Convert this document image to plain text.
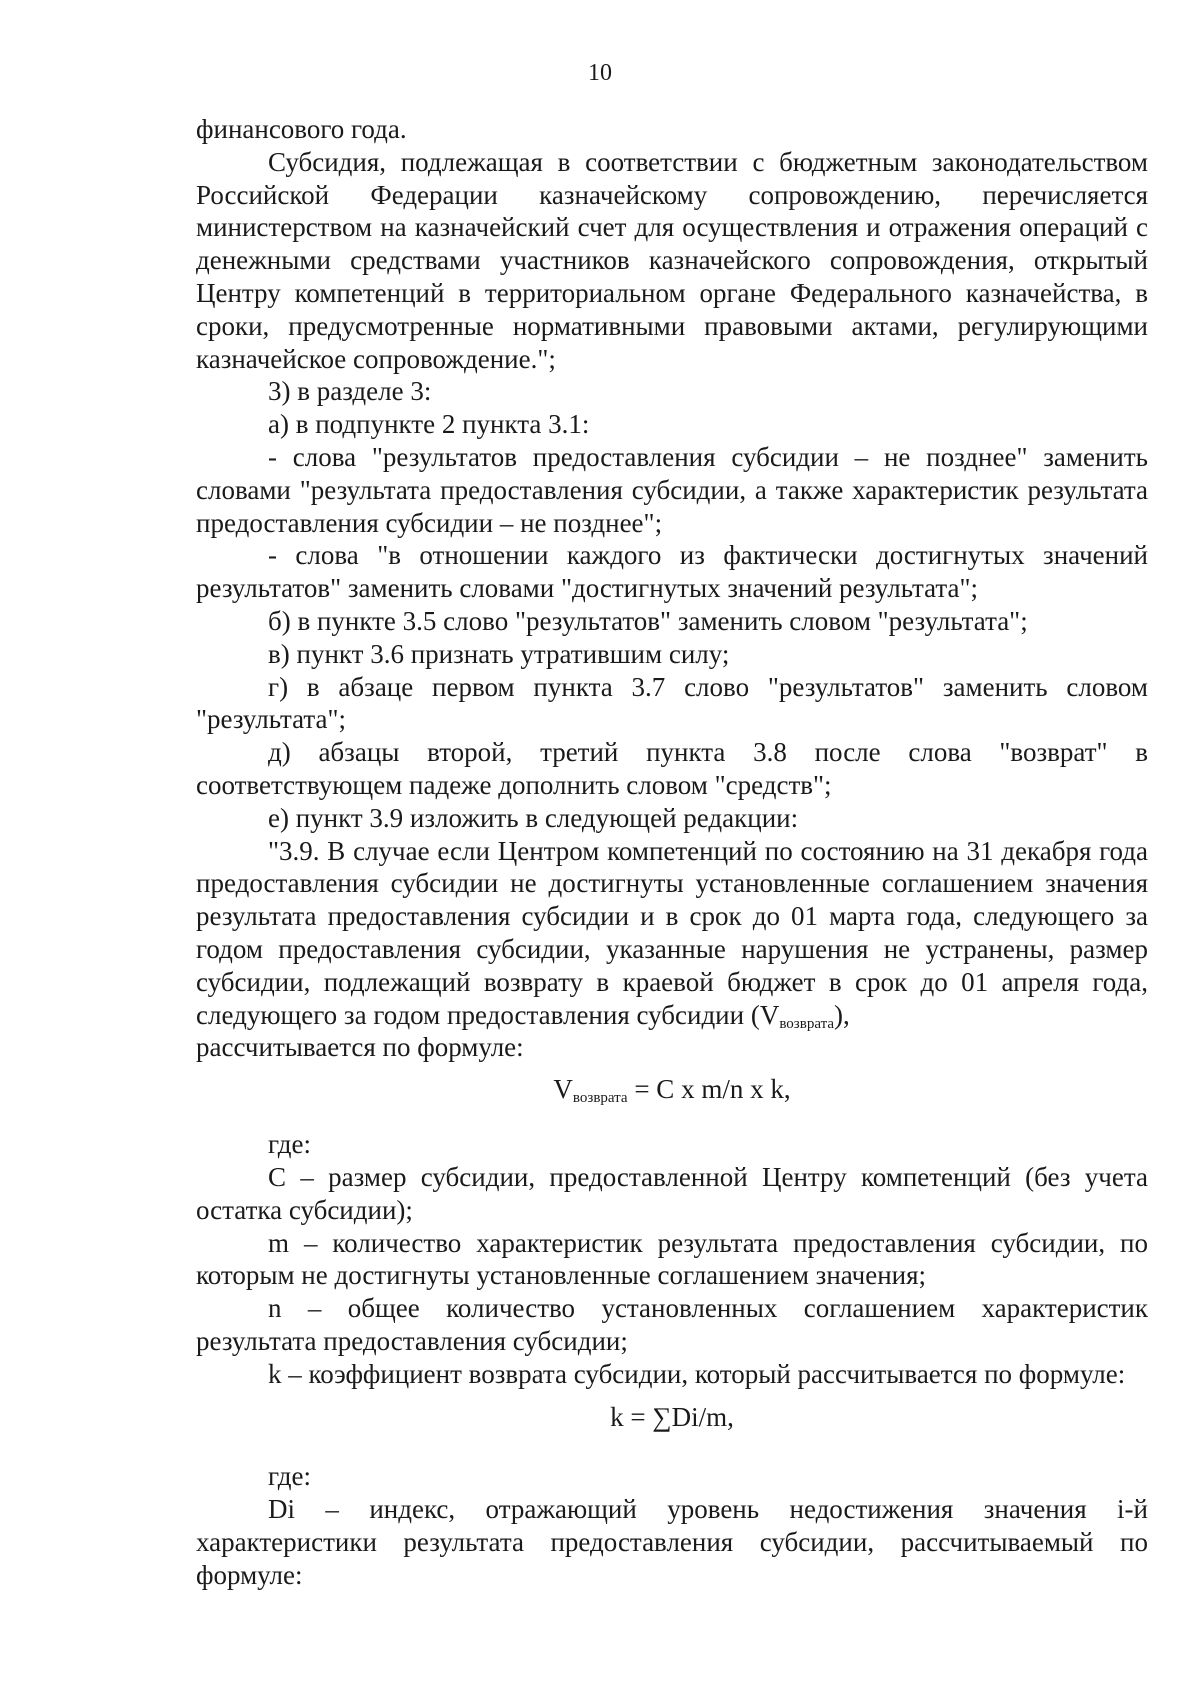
10

финансового года.

Субсидия, подлежащая в соответствии с бюджетным законодательством Российской Федерации казначейскому сопровождению, перечисляется министерством на казначейский счет для осуществления и отражения операций с денежными средствами участников казначейского сопровождения, открытый Центру компетенций в территориальном органе Федерального казначейства, в сроки, предусмотренные нормативными правовыми актами, регулирующими казначейское сопровождение.";

3) в разделе 3:

а) в подпункте 2 пункта 3.1:

- слова "результатов предоставления субсидии – не позднее" заменить словами "результата предоставления субсидии, а также характеристик результата предоставления субсидии – не позднее";

- слова "в отношении каждого из фактически достигнутых значений результатов" заменить словами "достигнутых значений результата";

б) в пункте 3.5 слово "результатов" заменить словом "результата";

в) пункт 3.6 признать утратившим силу;

г) в абзаце первом пункта 3.7 слово "результатов" заменить словом "результата";

д) абзацы второй, третий пункта 3.8 после слова "возврат" в соответствующем падеже дополнить словом "средств";

е) пункт 3.9 изложить в следующей редакции:

"3.9. В случае если Центром компетенций по состоянию на 31 декабря года предоставления субсидии не достигнуты установленные соглашением значения результата предоставления субсидии и в срок до 01 марта года, следующего за годом предоставления субсидии, указанные нарушения не устранены, размер субсидии, подлежащий возврату в краевой бюджет в срок до 01 апреля года, следующего за годом предоставления субсидии $(V_{возврата})$,

рассчитывается по формуле:

$V_{возврата} = C$ x m/n x k,

где:

C – размер субсидии, предоставленной Центру компетенций (без учета остатка субсидии);

m – количество характеристик результата предоставления субсидии, по которым не достигнуты установленные соглашением значения;

n – общее количество установленных соглашением характеристик результата предоставления субсидии;

k – коэффициент возврата субсидии, который рассчитывается по формуле:

k = ∑Di/m,

где:

Di – индекс, отражающий уровень недостижения значения i-й характеристики результата предоставления субсидии, рассчитываемый по формуле:
